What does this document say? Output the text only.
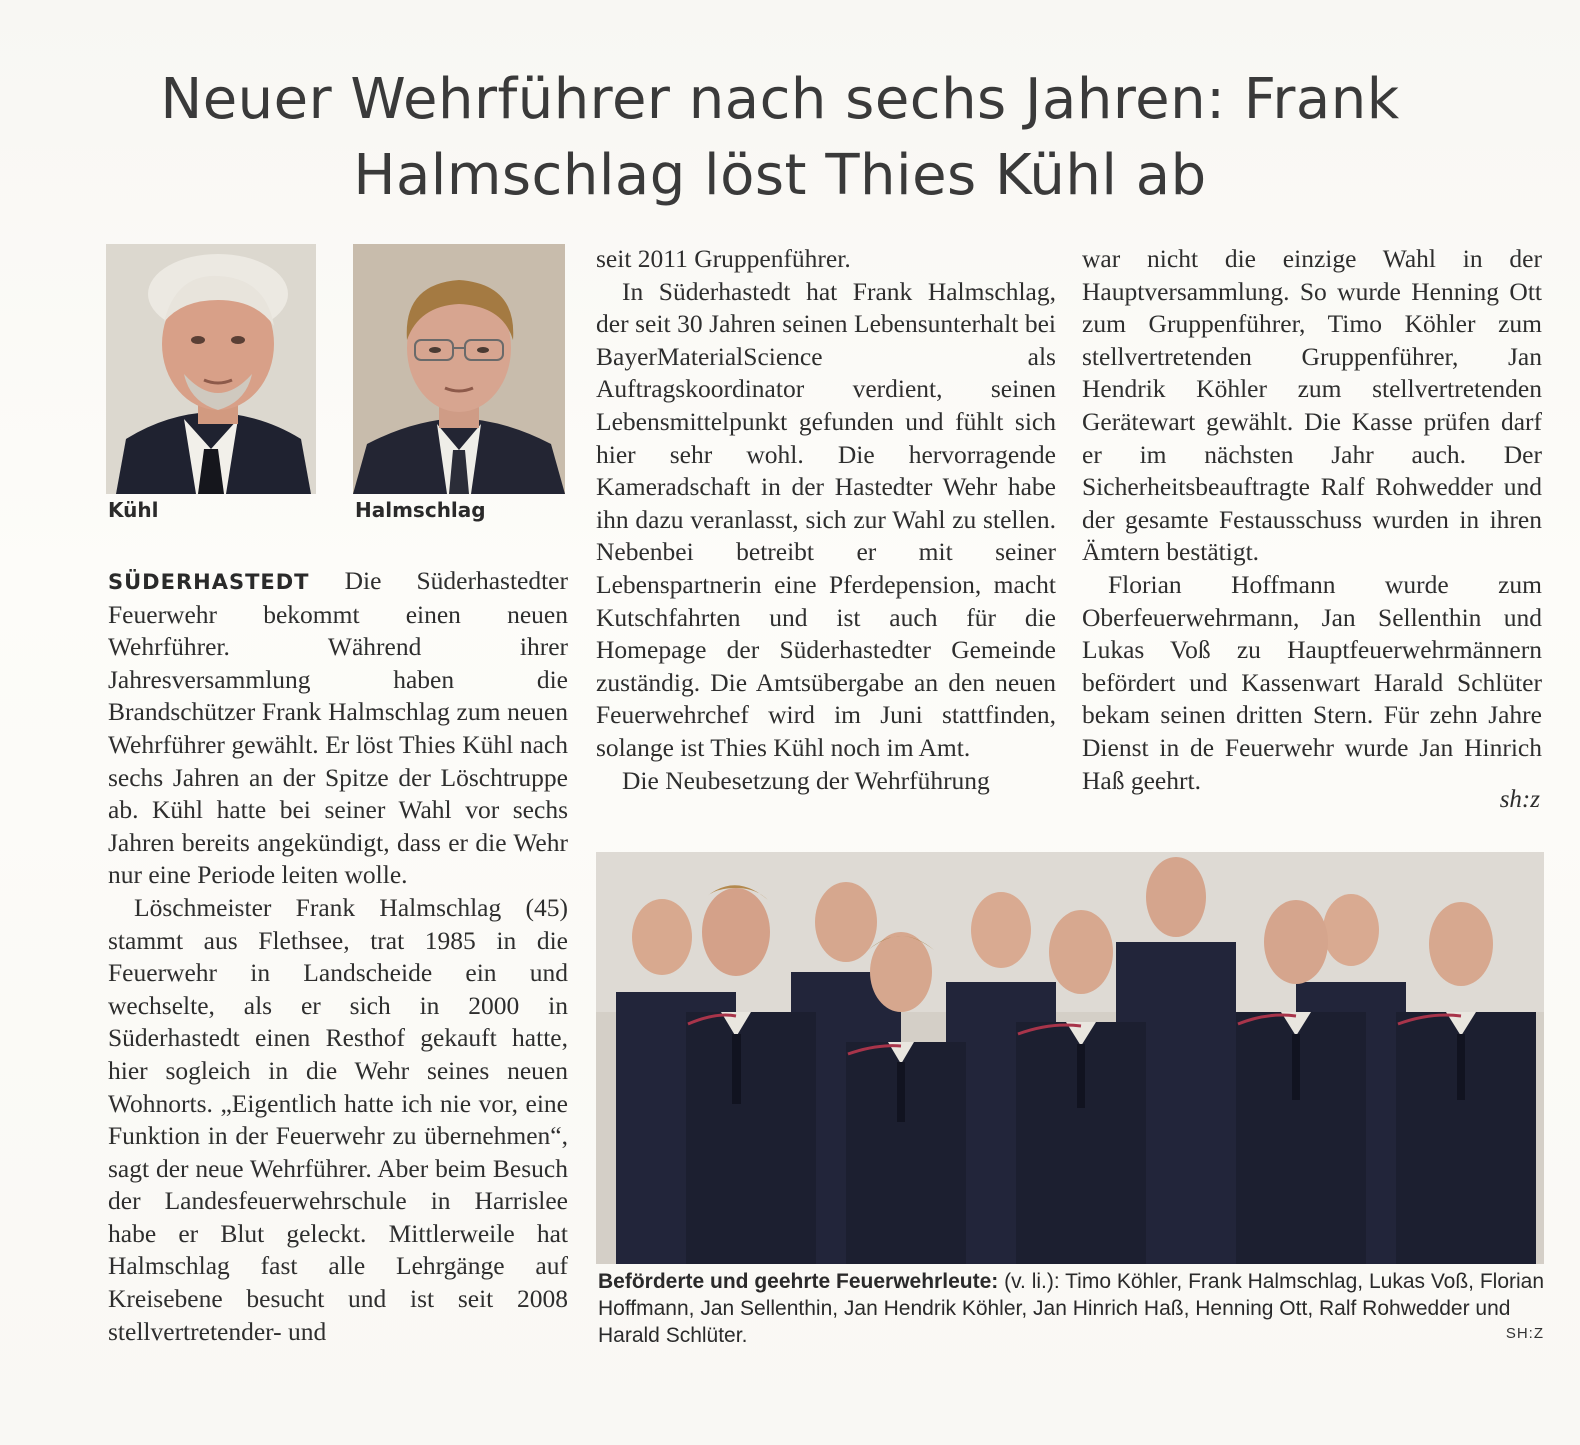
Neuer Wehrführer nach sechs Jahren: Frank
Halmschlag löst Thies Kühl ab
Kühl	Halmschlag

SÜDERHASTEDT Die Süderhastedter Feuerwehr bekommt einen neuen Wehrführer. Während ihrer Jahresversammlung haben die Brandschützer Frank Halmschlag zum neuen Wehrführer gewählt. Er löst Thies Kühl nach sechs Jahren an der Spitze der Löschtruppe ab. Kühl hatte bei seiner Wahl vor sechs Jahren bereits angekündigt, dass er die Wehr nur eine Periode leiten wolle.

Löschmeister Frank Halmschlag (45) stammt aus Flethsee, trat 1985 in die Feuerwehr in Landscheide ein und wechselte, als er sich in 2000 in Süderhastedt einen Resthof gekauft hatte, hier sogleich in die Wehr seines neuen Wohnorts. „Eigentlich hatte ich nie vor, eine Funktion in der Feuerwehr zu übernehmen“, sagt der neue Wehrführer. Aber beim Besuch der Landesfeuerwehrschule in Harrislee habe er Blut geleckt. Mittlerweile hat Halmschlag fast alle Lehrgänge auf Kreisebene besucht und ist seit 2008 stellvertretender- und

seit 2011 Gruppenführer.

In Süderhastedt hat Frank Halmschlag, der seit 30 Jahren seinen Lebensunterhalt bei BayerMaterialScience als Auftragskoordinator verdient, seinen Lebensmittelpunkt gefunden und fühlt sich hier sehr wohl. Die hervorragende Kameradschaft in der Hastedter Wehr habe ihn dazu veranlasst, sich zur Wahl zu stellen. Nebenbei betreibt er mit seiner Lebenspartnerin eine Pferdepension, macht Kutschfahrten und ist auch für die Homepage der Süderhastedter Gemeinde zuständig. Die Amtsübergabe an den neuen Feuerwehrchef wird im Juni stattfinden, solange ist Thies Kühl noch im Amt.

Die Neubesetzung der Wehrführung

war nicht die einzige Wahl in der Hauptversammlung. So wurde Henning Ott zum Gruppenführer, Timo Köhler zum stellvertretenden Gruppenführer, Jan Hendrik Köhler zum stellvertretenden Gerätewart gewählt. Die Kasse prüfen darf er im nächsten Jahr auch. Der Sicherheitsbeauftragte Ralf Rohwedder und der gesamte Festausschuss wurden in ihren Ämtern bestätigt.

Florian Hoffmann wurde zum Oberfeuerwehrmann, Jan Sellenthin und Lukas Voß zu Hauptfeuerwehrmännern befördert und Kassenwart Harald Schlüter bekam seinen dritten Stern. Für zehn Jahre Dienst in de Feuerwehr wurde Jan Hinrich Haß geehrt.

sh:z
Beförderte und geehrte Feuerwehrleute: (v. li.): Timo Köhler, Frank Halmschlag, Lukas Voß, Florian Hoffmann, Jan Sellenthin, Jan Hendrik Köhler, Jan Hinrich Haß, Henning Ott, Ralf Rohwedder und Harald Schlüter.	SH:Z
